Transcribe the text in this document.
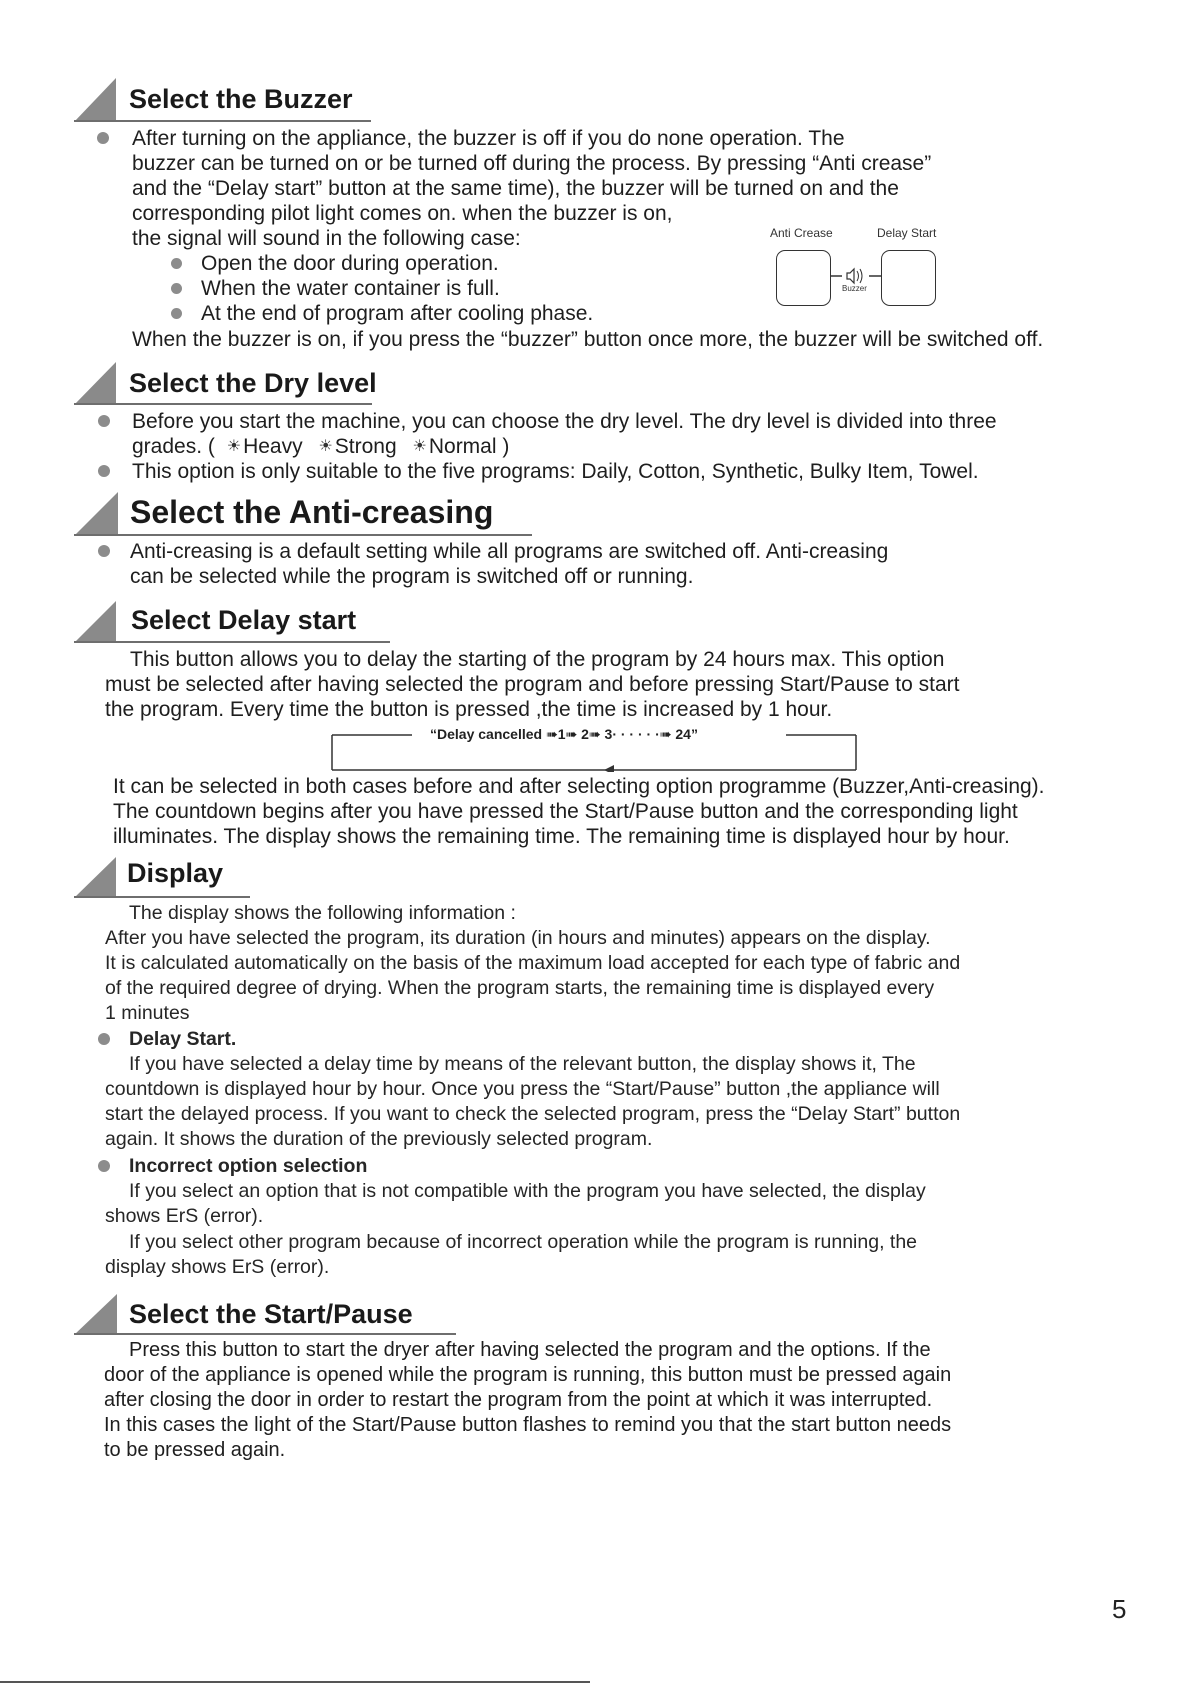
Select the Buzzer
After turning on the appliance, the buzzer is off if you do none operation. The
buzzer can be turned on or be turned off during the process. By pressing “Anti crease”
and the “Delay start” button at the same time), the buzzer will be turned on and the
corresponding pilot light comes on. when the buzzer is on,
the signal will sound in the following case:
Open the door during operation.
When the water container is full.
At the end of program after cooling phase.
When the buzzer is on, if you press the “buzzer” button once more, the buzzer will be switched off.
Anti Crease	Delay Start
Buzzer
Select the Dry level
Before you start the machine, you can choose the dry level. The dry level is divided into three
grades. ( ☀Heavy ☀Strong ☀Normal )
This option is only suitable to the five programs: Daily, Cotton, Synthetic, Bulky Item, Towel.
Select the Anti-creasing
Anti-creasing is a default setting while all programs are switched off. Anti-creasing
can be selected while the program is switched off or running.
Select Delay start
This button allows you to delay the starting of the program by 24 hours max. This option
must be selected after having selected the program and before pressing Start/Pause to start
the program. Every time the button is pressed ,the time is increased by 1 hour.
“Delay cancelled ➠1➠ 2➠ 3· · · · · ·➠ 24”
It can be selected in both cases before and after selecting option programme (Buzzer,Anti-creasing).
The countdown begins after you have pressed the Start/Pause button and the corresponding light
illuminates. The display shows the remaining time. The remaining time is displayed hour by hour.
Display
The display shows the following information :
After you have selected the program, its duration (in hours and minutes) appears on the display.
It is calculated automatically on the basis of the maximum load accepted for each type of fabric and
of the required degree of drying. When the program starts, the remaining time is displayed every
1 minutes
Delay Start.
If you have selected a delay time by means of the relevant button, the display shows it, The
countdown is displayed hour by hour. Once you press the “Start/Pause” button ,the appliance will
start the delayed process. If you want to check the selected program, press the “Delay Start” button
again. It shows the duration of the previously selected program.
Incorrect option selection
If you select an option that is not compatible with the program you have selected, the display
shows ErS (error).
If you select other program because of incorrect operation while the program is running, the
display shows ErS (error).
Select the Start/Pause
Press this button to start the dryer after having selected the program and the options. If the
door of the appliance is opened while the program is running, this button must be pressed again
after closing the door in order to restart the program from the point at which it was interrupted.
In this cases the light of the Start/Pause button flashes to remind you that the start button needs
to be pressed again.
5
